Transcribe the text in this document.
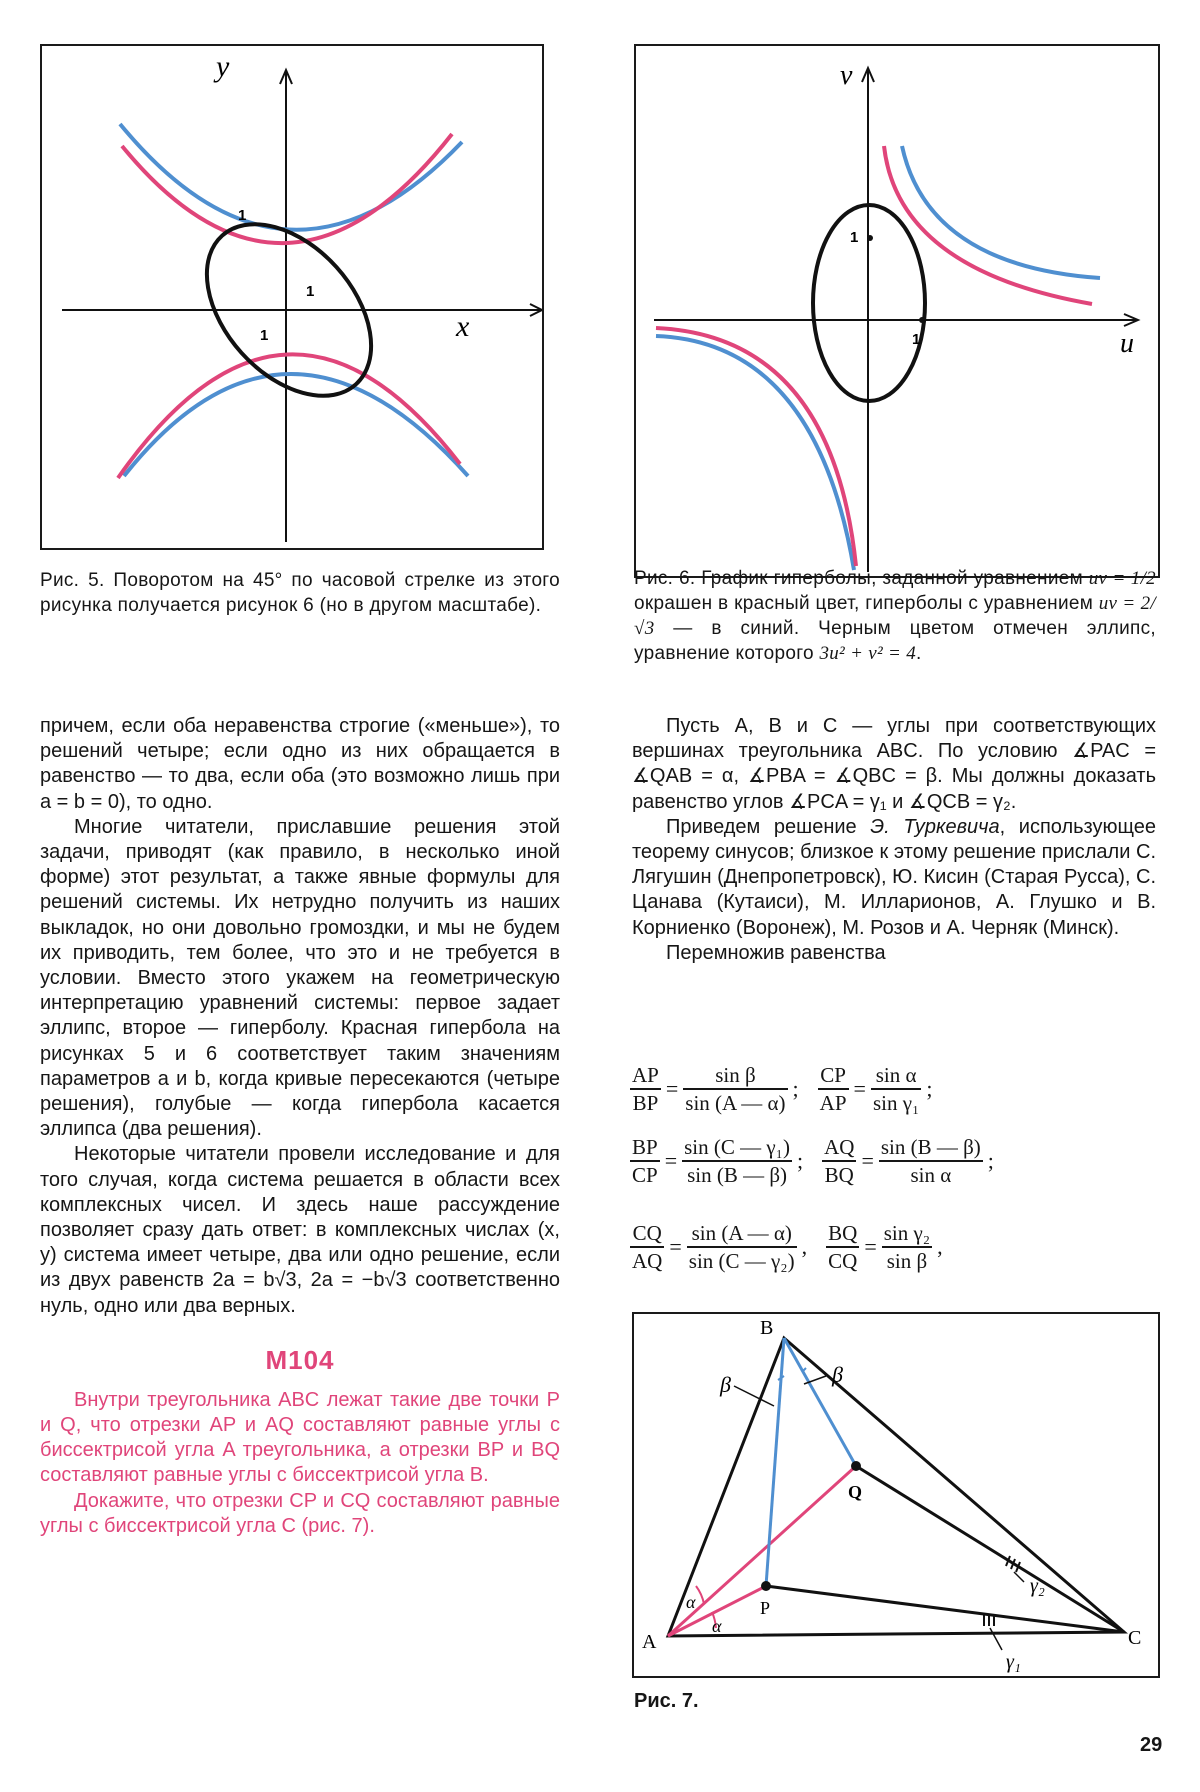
y
x
1
1
1
Рис. 5. Поворотом на 45° по часовой стрелке из этого рисунка получается рисунок 6 (но в другом масштабе).
v
u
1
1
Рис. 6. График гиперболы, заданной уравнением uv = 1/2 окрашен в красный цвет, гиперболы с уравнением uv = 2/√3 — в синий. Черным цветом отмечен эллипс, уравнение которого 3u² + v² = 4.

причем, если оба неравенства строгие («меньше»), то решений четыре; если одно из них обращается в равенство — то два, если оба (это возможно лишь при a = b = 0), то одно.

Многие читатели, приславшие решения этой задачи, приводят (как правило, в несколько иной форме) этот результат, а также явные формулы для решений системы. Их нетрудно получить из наших выкладок, но они довольно громоздки, и мы не будем их приводить, тем более, что это и не требуется в условии. Вместо этого укажем на геометрическую интерпретацию уравнений системы: первое задает эллипс, второе — гиперболу. Красная гипербола на рисунках 5 и 6 соответствует таким значениям параметров a и b, когда кривые пересекаются (четыре решения), голубые — когда гипербола касается эллипса (два решения).

Некоторые читатели провели исследование и для того случая, когда система решается в области всех комплексных чисел. И здесь наше рассуждение позволяет сразу дать ответ: в комплексных числах (x, y) система имеет четыре, два или одно решение, если из двух равенств 2a = b√3, 2a = −b√3 соответственно нуль, одно или два верных.

М104

Внутри треугольника ABC лежат такие две точки P и Q, что отрезки AP и AQ составляют равные углы с биссектрисой угла A треугольника, а отрезки BP и BQ составляют равные углы с биссектрисой угла B.

Докажите, что отрезки CP и CQ составляют равные углы с биссектрисой угла C (рис. 7).

Пусть A, B и C — углы при соответствующих вершинах треугольника ABC. По условию ∡PAC = ∡QAB = α, ∡PBA = ∡QBC = β. Мы должны доказать равенство углов ∡PCA = γ₁ и ∡QCB = γ₂.

Приведем решение Э. Туркевича, использующее теорему синусов; близкое к этому решение прислали С. Лягушин (Днепропетровск), Ю. Кисин (Старая Русса), С. Цанава (Кутаиси), М. Илларионов, А. Глушко и В. Корниенко (Воронеж), М. Розов и А. Черняк (Минск).

Перемножив равенства

$\frac{AP}{BP} = \frac{\text{sin β}}{\sin (A — \alpha)}$ ; $\frac{CP}{AP} = \frac{\text{sin α}}{\text{sin γ₁}}$ ;
$\frac{BP}{CP} = \frac{\text{sin (C — γ₁)}}{\sin (B — \beta)}$ ; $\frac{AQ}{BQ} = \frac{\sin (B — \beta)}{\text{sin α}}$ ;
$\frac{CQ}{AQ} = \frac{\sin (A — \alpha)}{\text{sin (C — γ₂)}}$ , $\frac{BQ}{CQ} = \frac{\text{sin γ₂}}{\text{sin β}}$ ,
B
A	C
P
Q
α
α
β	β
γ₂
γ₁
Рис. 7.
29
